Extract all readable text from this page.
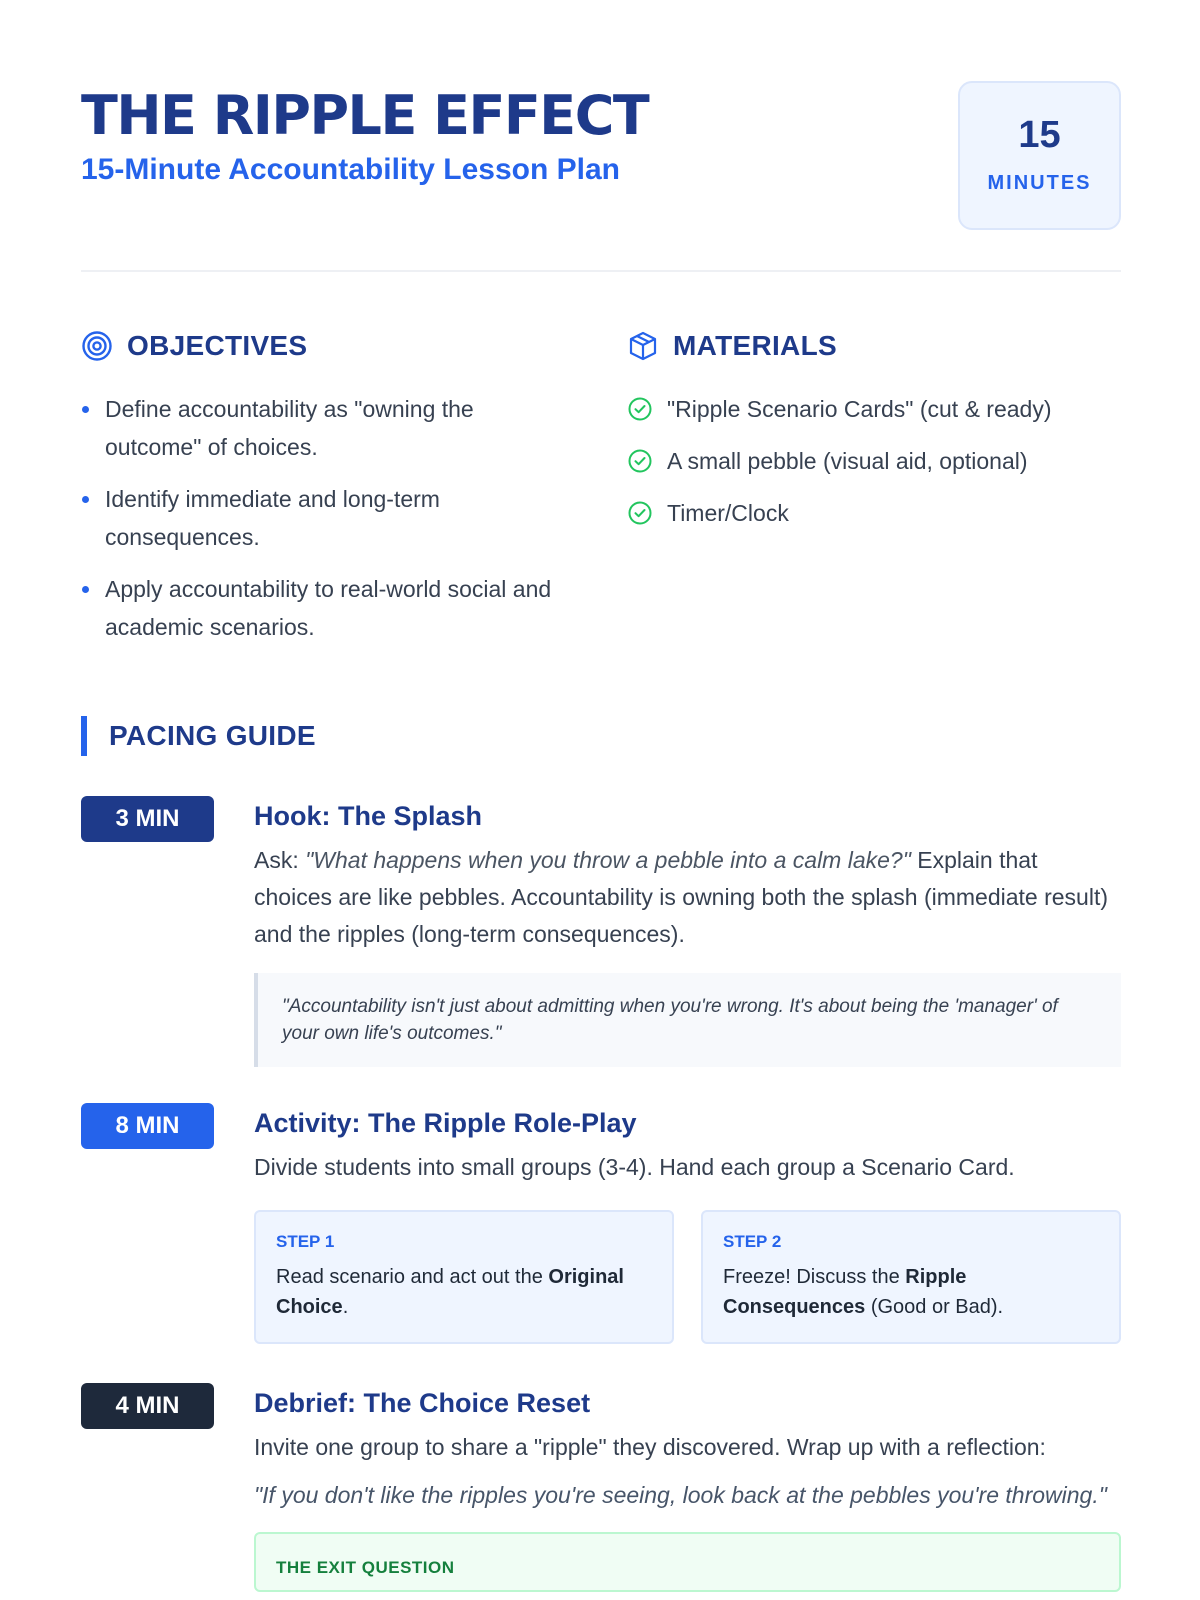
THE RIPPLE EFFECT
15-Minute Accountability Lesson Plan
15
MINUTES
OBJECTIVES
Define accountability as "owning the outcome" of choices.
Identify immediate and long-term consequences.
Apply accountability to real-world social and academic scenarios.
MATERIALS
"Ripple Scenario Cards" (cut & ready)
A small pebble (visual aid, optional)
Timer/Clock
PACING GUIDE
3 MIN	Hook: The Splash
Ask: "What happens when you throw a pebble into a calm lake?" Explain that choices are like pebbles. Accountability is owning both the splash (immediate result) and the ripples (long-term consequences).
"Accountability isn't just about admitting when you're wrong. It's about being the 'manager' of your own life's outcomes."
8 MIN	Activity: The Ripple Role-Play
Divide students into small groups (3-4). Hand each group a Scenario Card.
STEP 1
Read scenario and act out the Original Choice.
STEP 2
Freeze! Discuss the Ripple Consequences (Good or Bad).
4 MIN	Debrief: The Choice Reset
Invite one group to share a "ripple" they discovered. Wrap up with a reflection:
"If you don't like the ripples you're seeing, look back at the pebbles you're throwing."
THE EXIT QUESTION
